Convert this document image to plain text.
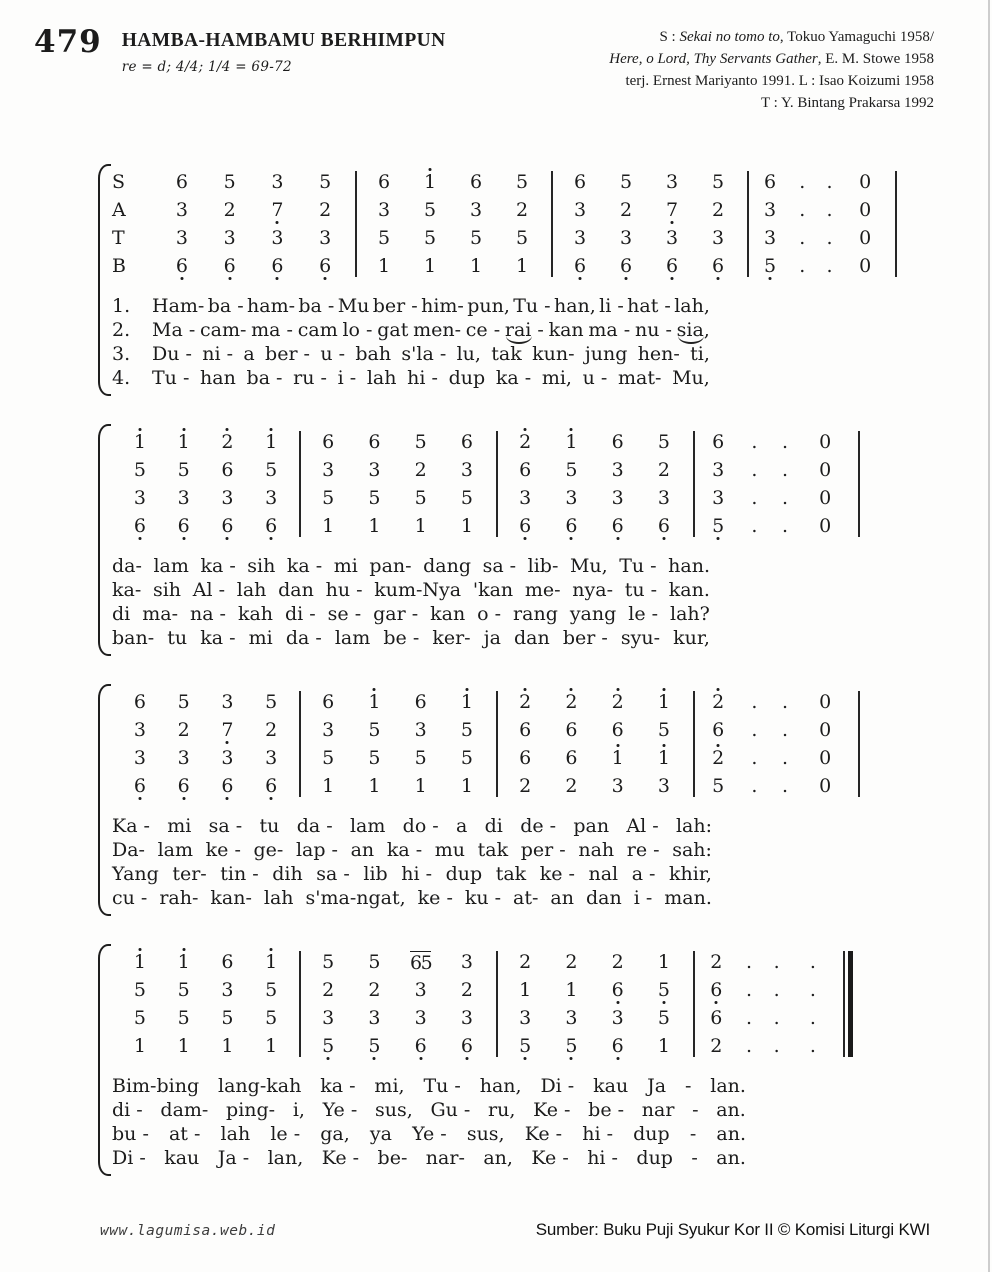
479 HAMBA-HAMBAMU BERHIMPUN
re = d; 4/4; 1/4 = 69-72
S : Sekai no tomo to, Tokuo Yamaguchi 1958/
Here, o Lord, Thy Servants Gather, E. M. Stowe 1958
terj. Ernest Mariyanto 1991. L : Isao Koizumi 1958
T : Y. Bintang Prakarsa 1992
S	6	5	3	5	6	1	6	5	6	5	3	5	6	.	.	0
A	3	2	7	2	3	5	3	2	3	2	7	2	3	.	.	0
T	3	3	3	3	5	5	5	5	3	3	3	3	3	.	.	0
B	6	6	6	6	1	1	1	1	6	6	6	6	5	.	.	0
1.	Ham- ba - ham- ba - Mu ber - him- pun, Tu - han, li - hat - lah,
2.	Ma - cam- ma - cam lo - gat men- ce - rai - kan ma - nu - sia,
3.	Du - ni - a ber - u - bah s'la - lu, tak kun- jung hen- ti,
4.	Tu - han ba - ru - i - lah hi - dup ka - mi, u - mat- Mu,
1	1	2	1	6	6	5	6	2	1	6	5	6	.	.	0
5	5	6	5	3	3	2	3	6	5	3	2	3	.	.	0
3	3	3	3	5	5	5	5	3	3	3	3	3	.	.	0
6	6	6	6	1	1	1	1	6	6	6	6	5	.	.	0
da- lam ka - sih ka - mi pan- dang sa - lib- Mu, Tu - han.
ka- sih Al - lah dan hu - kum-Nya 'kan me- nya- tu - kan.
di ma- na - kah di - se - gar - kan o - rang yang le - lah?
ban- tu ka - mi da - lam be - ker- ja dan ber - syu- kur,
6	5	3	5	6	1	6	1	2	2	2	1	2	.	.	0
3	2	7	2	3	5	3	5	6	6	6	5	6	.	.	0
3	3	3	3	5	5	5	5	6	6	1	1	2	.	.	0
6	6	6	6	1	1	1	1	2	2	3	3	5	.	.	0
Ka - mi sa - tu da - lam do - a di de - pan Al - lah:
Da- lam ke - ge- lap - an ka - mu tak per - nah re - sah:
Yang ter- tin - dih sa - lib hi - dup tak ke - nal a - khir,
cu - rah- kan- lah s'ma-ngat, ke - ku - at- an dan i - man.
1	1	6	1	5	5	65	3	2	2	2	1	2	.	.	.
5	5	3	5	2	2	3	2	1	1	6	5	6	.	.	.
5	5	5	5	3	3	3	3	3	3	3	5	6	.	.	.
1	1	1	1	5	5	6	6	5	5	6	1	2	.	.	.
Bim-bing lang-kah ka - mi, Tu - han, Di - kau Ja - lan.
di - dam- ping- i, Ye - sus, Gu - ru, Ke - be - nar - an.
bu - at - lah le - ga, ya Ye - sus, Ke - hi - dup - an.
Di - kau Ja - lan, Ke - be- nar- an, Ke - hi - dup - an.
www.lagumisa.web.id	Sumber: Buku Puji Syukur Kor II © Komisi Liturgi KWI
